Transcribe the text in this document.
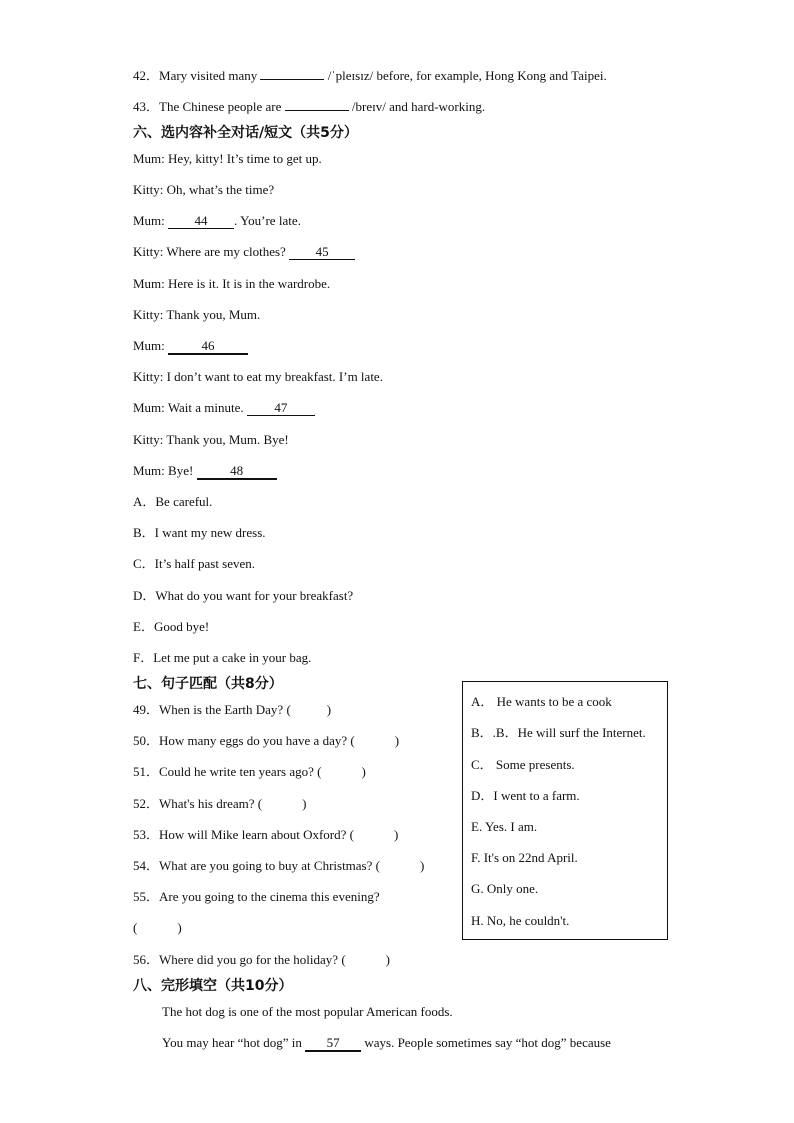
42．Mary visited many	/ˈpleɪsɪz/ before, for example, Hong Kong and Taipei.
43．The Chinese people are	/breɪv/ and hard-working.
六、选内容补全对话/短文（共5分）
Mum: Hey, kitty! It’s time to get up.
Kitty: Oh, what’s the time?
Mum: 44 . You’re late.
Kitty: Where are my clothes? 45
Mum: Here is it. It is in the wardrobe.
Kitty: Thank you, Mum.
Mum:	46
Kitty: I don’t want to eat my breakfast. I’m late.
Mum: Wait a minute. 47
Kitty: Thank you, Mum. Bye!
Mum: Bye!	48
A．Be careful.
B．I want my new dress.
C．It’s half past seven.
D．What do you want for your breakfast?
E．Good bye!
F．Let me put a cake in your bag.
七、句子匹配（共8分）
49．When is the Earth Day? (	)
50．How many eggs do you have a day? (	)
51．Could he write ten years ago? (	)
52．What's his dream? (	)
53．How will Mike learn about Oxford? (	)
54．What are you going to buy at Christmas? (	)
55．Are you going to the cinema this evening?
(	)
56．Where did you go for the holiday? (	)
A． He wants to be a cook
B．.B．He will surf the Internet.
C． Some presents.
D．I went to a farm.
E. Yes. I am.
F. It's on 22nd April.
G. Only one.
H. No, he couldn't.
八、完形填空（共10分）
The hot dog is one of the most popular American foods.
You may hear “hot dog” in 57 ways. People sometimes say “hot dog” because
